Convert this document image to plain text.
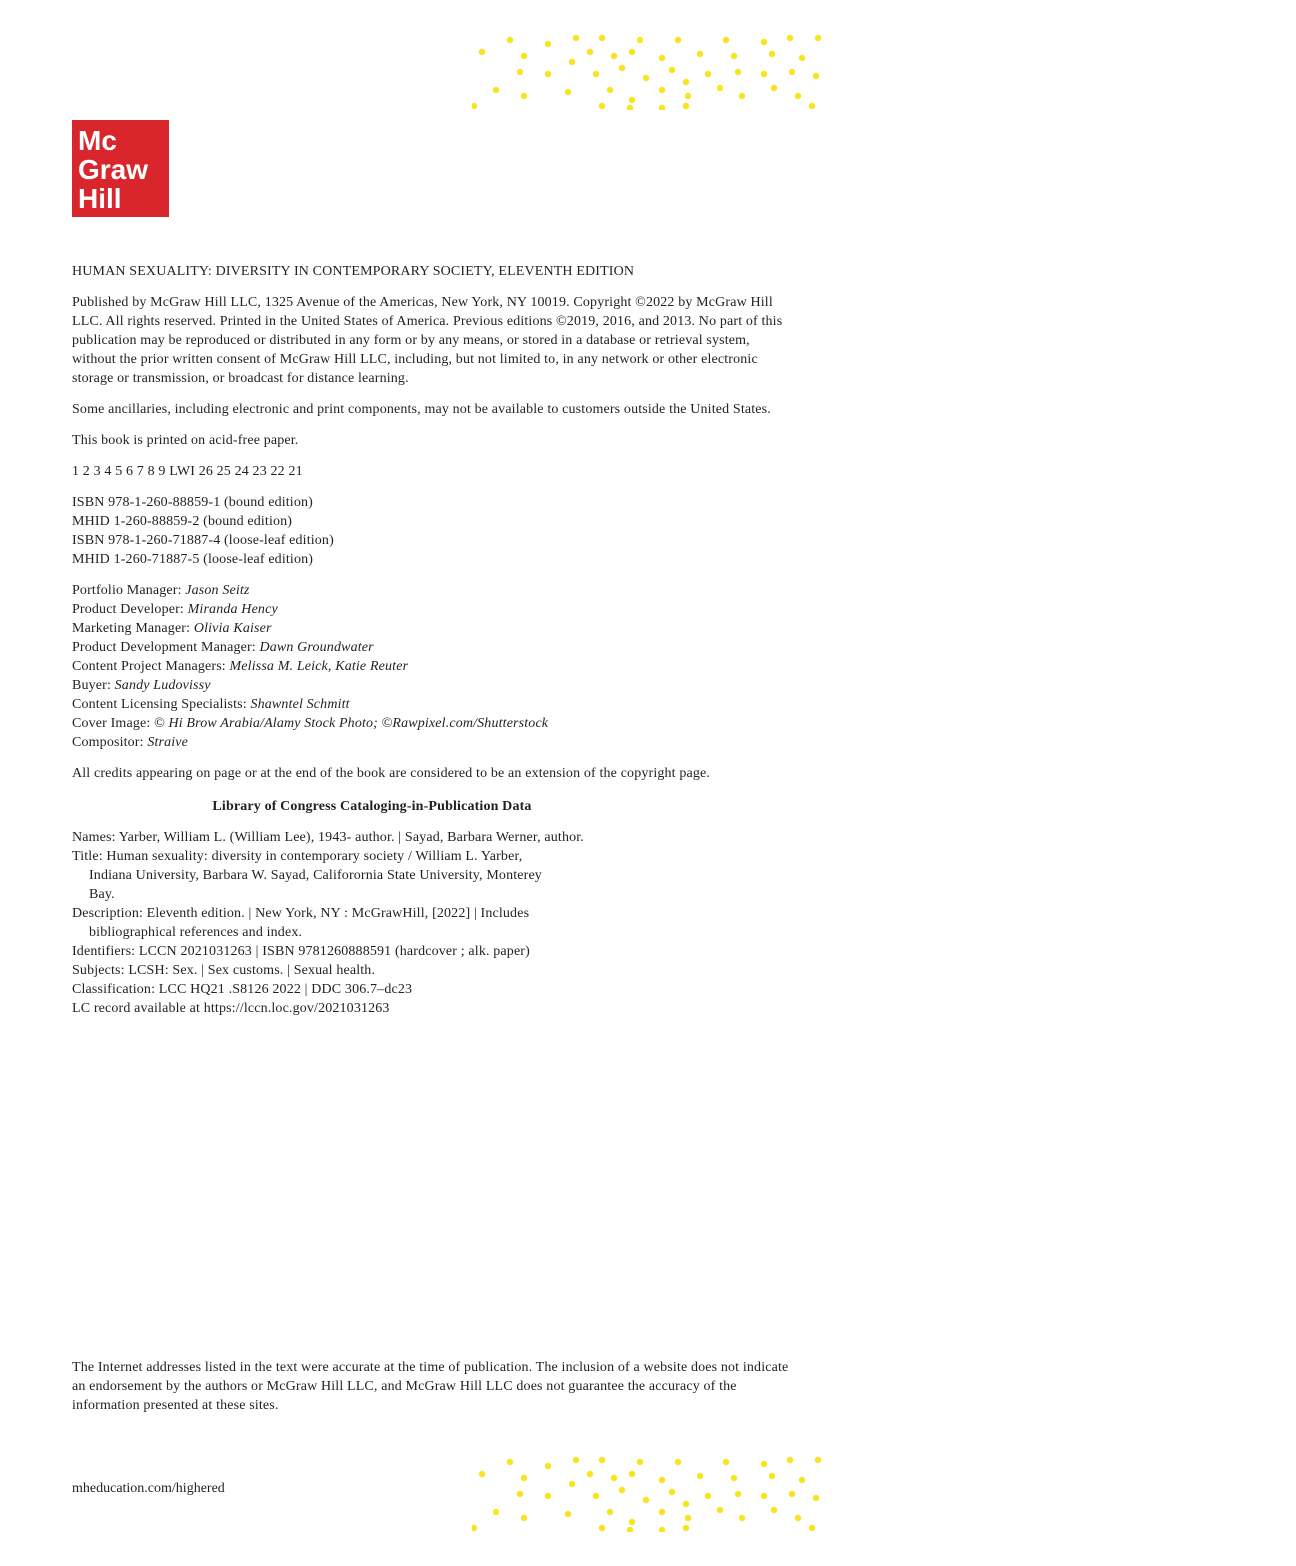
Mc
Graw
Hill

HUMAN SEXUALITY: DIVERSITY IN CONTEMPORARY SOCIETY, ELEVENTH EDITION

Published by McGraw Hill LLC, 1325 Avenue of the Americas, New York, NY 10019. Copyright ©2022 by McGraw Hill LLC. All rights reserved. Printed in the United States of America. Previous editions ©2019, 2016, and 2013. No part of this publication may be reproduced or distributed in any form or by any means, or stored in a database or retrieval system, without the prior written consent of McGraw Hill LLC, including, but not limited to, in any network or other electronic storage or transmission, or broadcast for distance learning.

Some ancillaries, including electronic and print components, may not be available to customers outside the United States.

This book is printed on acid-free paper.

1 2 3 4 5 6 7 8 9 LWI 26 25 24 23 22 21

ISBN 978-1-260-88859-1 (bound edition)
MHID 1-260-88859-2 (bound edition)
ISBN 978-1-260-71887-4 (loose-leaf edition)
MHID 1-260-71887-5 (loose-leaf edition)

Portfolio Manager: Jason Seitz
Product Developer: Miranda Hency
Marketing Manager: Olivia Kaiser
Product Development Manager: Dawn Groundwater
Content Project Managers: Melissa M. Leick, Katie Reuter
Buyer: Sandy Ludovissy
Content Licensing Specialists: Shawntel Schmitt
Cover Image: © Hi Brow Arabia/Alamy Stock Photo; ©Rawpixel.com/Shutterstock
Compositor: Straive

All credits appearing on page or at the end of the book are considered to be an extension of the copyright page.

Library of Congress Cataloging-in-Publication Data
Names: Yarber, William L. (William Lee), 1943- author. | Sayad, Barbara Werner, author.
Title: Human sexuality: diversity in contemporary society / William L. Yarber, Indiana University, Barbara W. Sayad, Califorornia State University, Monterey Bay.
Description: Eleventh edition. | New York, NY : McGrawHill, [2022] | Includes bibliographical references and index.
Identifiers: LCCN 2021031263 | ISBN 9781260888591 (hardcover ; alk. paper)
Subjects: LCSH: Sex. | Sex customs. | Sexual health.
Classification: LCC HQ21 .S8126 2022 | DDC 306.7–dc23
LC record available at https://lccn.loc.gov/2021031263
The Internet addresses listed in the text were accurate at the time of publication. The inclusion of a website does not indicate an endorsement by the authors or McGraw Hill LLC, and McGraw Hill LLC does not guarantee the accuracy of the information presented at these sites.
mheducation.com/highered
